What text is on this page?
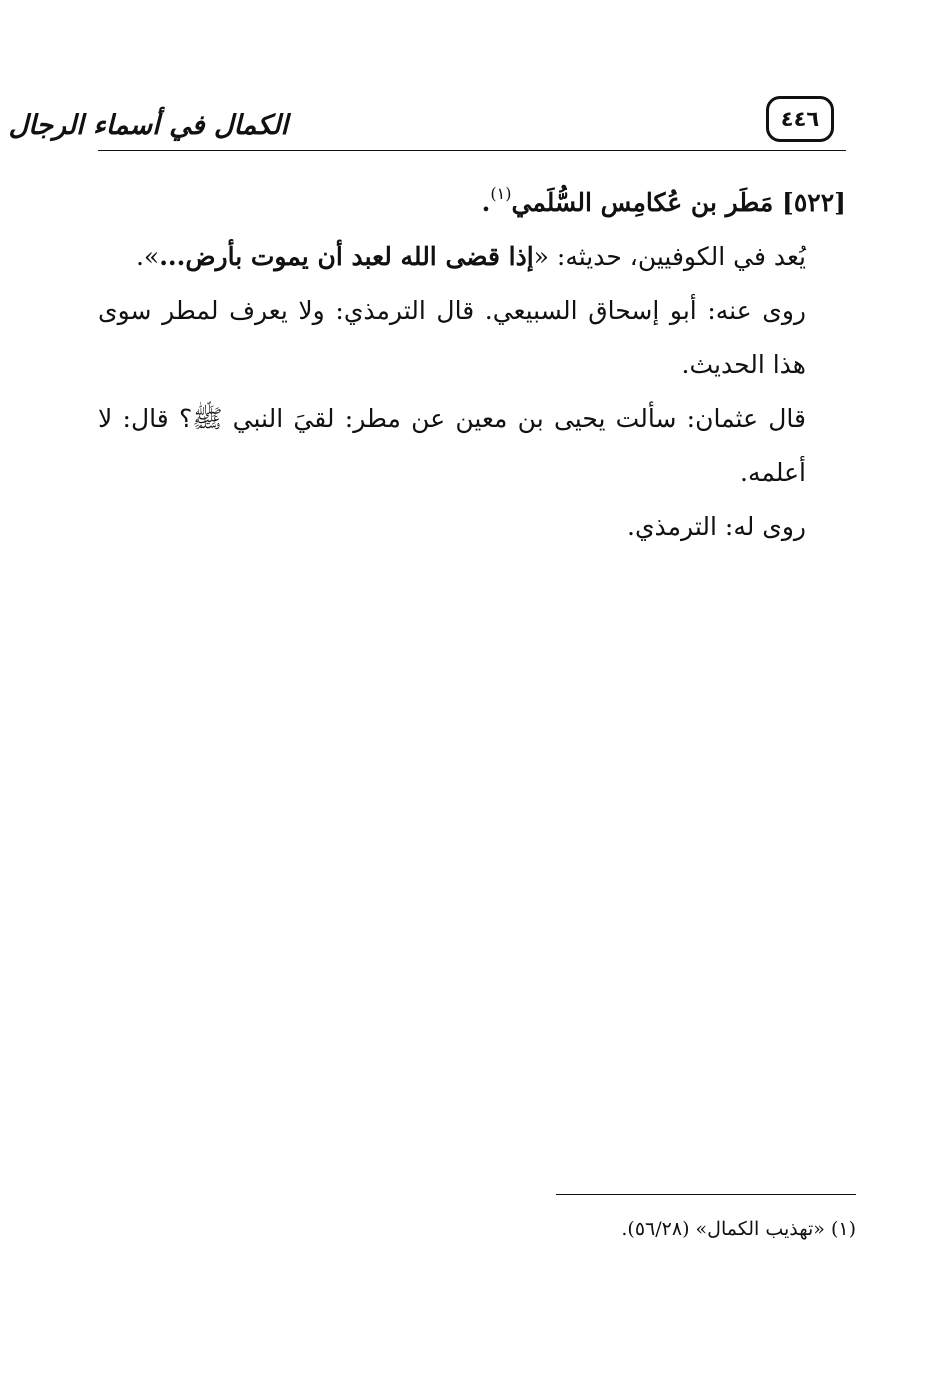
الكمال في أسماء الرجال	٤٤٦

[٥٢٢] مَطَر بن عُكامِس السُّلَمي$^{(١)}$.

يُعد في الكوفيين، حديثه: «إذا قضى الله لعبد أن يموت بأرض...».

روى عنه: أبو إسحاق السبيعي. قال الترمذي: ولا يعرف لمطر سوى هذا الحديث.

قال عثمان: سألت يحيى بن معين عن مطر: لقيَ النبي ﷺ؟ قال: لا أعلمه.

روى له: الترمذي.

(١) «تهذيب الكمال» (٥٦/٢٨).
